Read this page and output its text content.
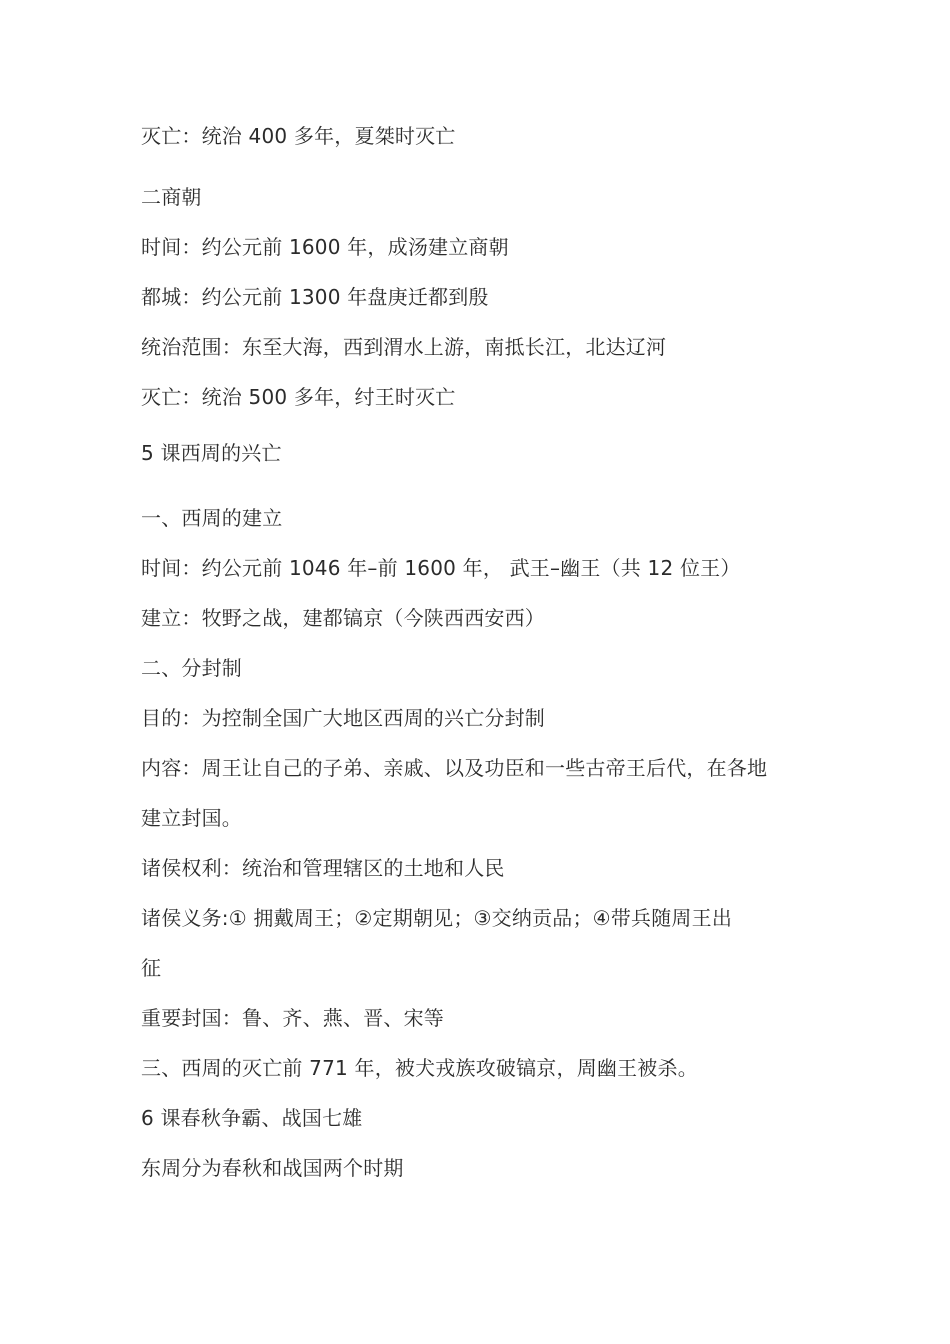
灭亡：统治 400 多年，夏桀时灭亡
二商朝
时间：约公元前 1600 年，成汤建立商朝
都城：约公元前 1300 年盘庚迁都到殷
统治范围：东至大海，西到渭水上游，南抵长江，北达辽河
灭亡：统治 500 多年，纣王时灭亡
5 课西周的兴亡
一、西周的建立
时间：约公元前 1046 年–前 1600 年， 武王–幽王（共 12 位王）
建立：牧野之战，建都镐京（今陕西西安西）
二、分封制
目的：为控制全国广大地区西周的兴亡分封制
内容：周王让自己的子弟、亲戚、以及功臣和一些古帝王后代，在各地
建立封国。
诸侯权利：统治和管理辖区的土地和人民
诸侯义务:① 拥戴周王；②定期朝见；③交纳贡品；④带兵随周王出
征
重要封国：鲁、齐、燕、晋、宋等
三、西周的灭亡前 771 年，被犬戎族攻破镐京，周幽王被杀。
6 课春秋争霸、战国七雄
东周分为春秋和战国两个时期
